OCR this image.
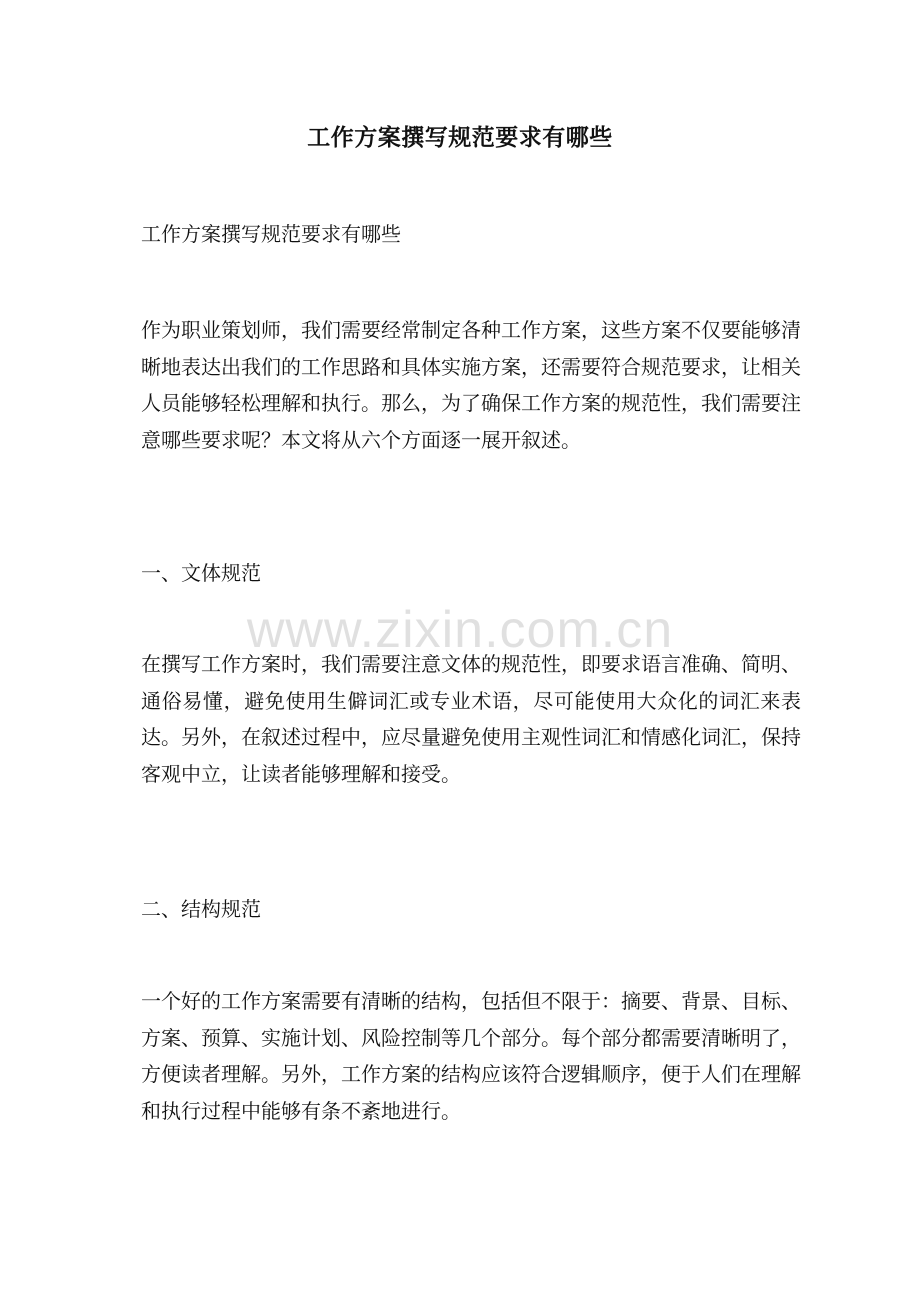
工作方案撰写规范要求有哪些
工作方案撰写规范要求有哪些
作为职业策划师，我们需要经常制定各种工作方案，这些方案不仅要能够清晰地表达出我们的工作思路和具体实施方案，还需要符合规范要求，让相关人员能够轻松理解和执行。那么，为了确保工作方案的规范性，我们需要注意哪些要求呢？本文将从六个方面逐一展开叙述。
一、文体规范
在撰写工作方案时，我们需要注意文体的规范性，即要求语言准确、简明、通俗易懂，避免使用生僻词汇或专业术语，尽可能使用大众化的词汇来表达。另外，在叙述过程中，应尽量避免使用主观性词汇和情感化词汇，保持客观中立，让读者能够理解和接受。
二、结构规范
一个好的工作方案需要有清晰的结构，包括但不限于：摘要、背景、目标、方案、预算、实施计划、风险控制等几个部分。每个部分都需要清晰明了，方便读者理解。另外，工作方案的结构应该符合逻辑顺序，便于人们在理解和执行过程中能够有条不紊地进行。
www.zixin.com.cn
